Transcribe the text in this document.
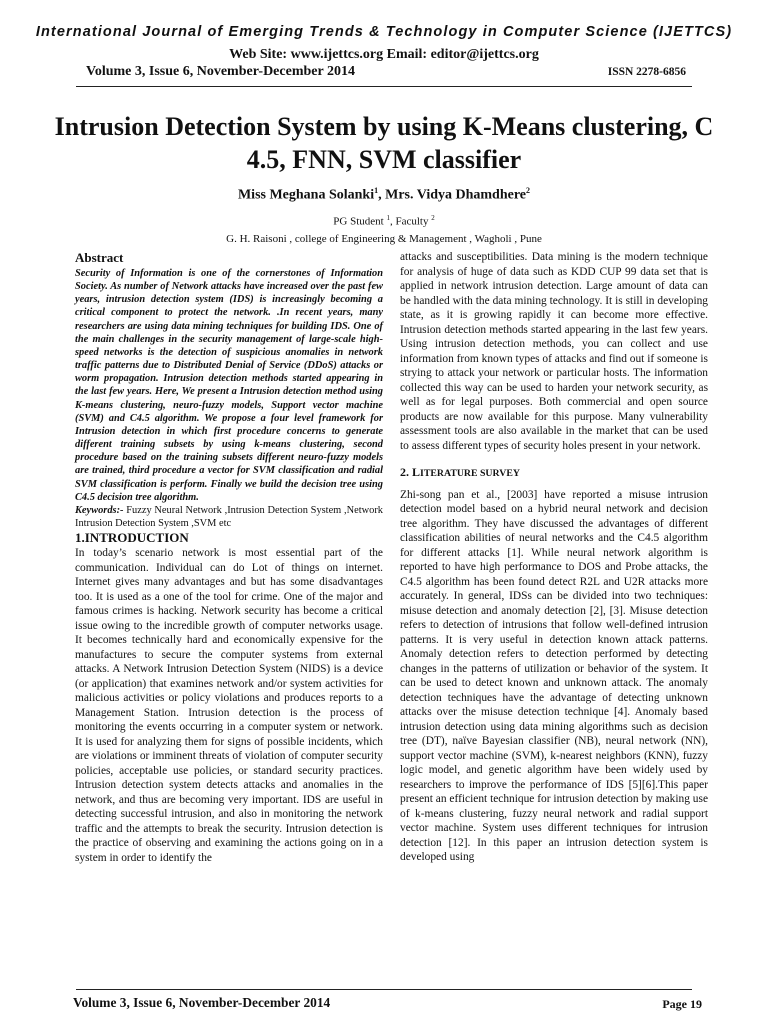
International Journal of Emerging Trends & Technology in Computer Science (IJETTCS)
Web Site: www.ijettcs.org Email: editor@ijettcs.org
Volume 3, Issue 6, November-December 2014	ISSN 2278-6856
Intrusion Detection System by using K-Means clustering, C 4.5, FNN, SVM classifier
Miss Meghana Solanki$^1$, Mrs. Vidya Dhamdhere$^2$
PG Student $^1$, Faculty $^2$
G. H. Raisoni , college of Engineering & Management , Wagholi , Pune
Abstract

Security of Information is one of the cornerstones of Information Society. As number of Network attacks have increased over the past few years, intrusion detection system (IDS) is increasingly becoming a critical component to protect the network. .In recent years, many researchers are using data mining techniques for building IDS. One of the main challenges in the security management of large-scale high-speed networks is the detection of suspicious anomalies in network traffic patterns due to Distributed Denial of Service (DDoS) attacks or worm propagation. Intrusion detection methods started appearing in the last few years. Here, We present a Intrusion detection method using K-means clustering, neuro-fuzzy models, Support vector machine (SVM) and C4.5 algorithm. We propose a four level framework for Intrusion detection in which first procedure concerns to generate different training subsets by using k-means clustering, second procedure based on the training subsets different neuro-fuzzy models are trained, third procedure a vector for SVM classification and radial SVM classification is perform. Finally we build the decision tree using C4.5 decision tree algorithm.

Keywords:- Fuzzy Neural Network ,Intrusion Detection System ,Network Intrusion Detection System ,SVM etc

1.INTRODUCTION

In today’s scenario network is most essential part of the communication. Individual can do Lot of things on internet. Internet gives many advantages and but has some disadvantages too. It is used as a one of the tool for crime. One of the major and famous crimes is hacking. Network security has become a critical issue owing to the incredible growth of computer networks usage. It becomes technically hard and economically expensive for the manufactures to secure the computer systems from external attacks. A Network Intrusion Detection System (NIDS) is a device (or application) that examines network and/or system activities for malicious activities or policy violations and produces reports to a Management Station. Intrusion detection is the process of monitoring the events occurring in a computer system or network. It is used for analyzing them for signs of possible incidents, which are violations or imminent threats of violation of computer security policies, acceptable use policies, or standard security practices. Intrusion detection system detects attacks and anomalies in the network, and thus are becoming very important. IDS are useful in detecting successful intrusion, and also in monitoring the network traffic and the attempts to break the security. Intrusion detection is the practice of observing and examining the actions going on in a system in order to identify the

attacks and susceptibilities. Data mining is the modern technique for analysis of huge of data such as KDD CUP 99 data set that is applied in network intrusion detection. Large amount of data can be handled with the data mining technology. It is still in developing state, as it is growing rapidly it can become more effective. Intrusion detection methods started appearing in the last few years. Using intrusion detection methods, you can collect and use information from known types of attacks and find out if someone is strying to attack your network or particular hosts. The information collected this way can be used to harden your network security, as well as for legal purposes. Both commercial and open source products are now available for this purpose. Many vulnerability assessment tools are also available in the market that can be used to assess different types of security holes present in your network.

2. LITERATURE SURVEY

Zhi-song pan et al., [2003] have reported a misuse intrusion detection model based on a hybrid neural network and decision tree algorithm. They have discussed the advantages of different classification abilities of neural networks and the C4.5 algorithm for different attacks [1]. While neural network algorithm is reported to have high performance to DOS and Probe attacks, the C4.5 algorithm has been found detect R2L and U2R attacks more accurately. In general, IDSs can be divided into two techniques: misuse detection and anomaly detection [2], [3]. Misuse detection refers to detection of intrusions that follow well-defined intrusion patterns. It is very useful in detection known attack patterns. Anomaly detection refers to detection performed by detecting changes in the patterns of utilization or behavior of the system. It can be used to detect known and unknown attack. The anomaly detection techniques have the advantage of detecting unknown attacks over the misuse detection technique [4]. Anomaly based intrusion detection using data mining algorithms such as decision tree (DT), naïve Bayesian classifier (NB), neural network (NN), support vector machine (SVM), k-nearest neighbors (KNN), fuzzy logic model, and genetic algorithm have been widely used by researchers to improve the performance of IDS [5][6].This paper present an efficient technique for intrusion detection by making use of k-means clustering, fuzzy neural network and radial support vector machine. System uses different techniques for intrusion detection [12]. In this paper an intrusion detection system is developed using

Volume 3, Issue 6, November-December 2014	Page 19
